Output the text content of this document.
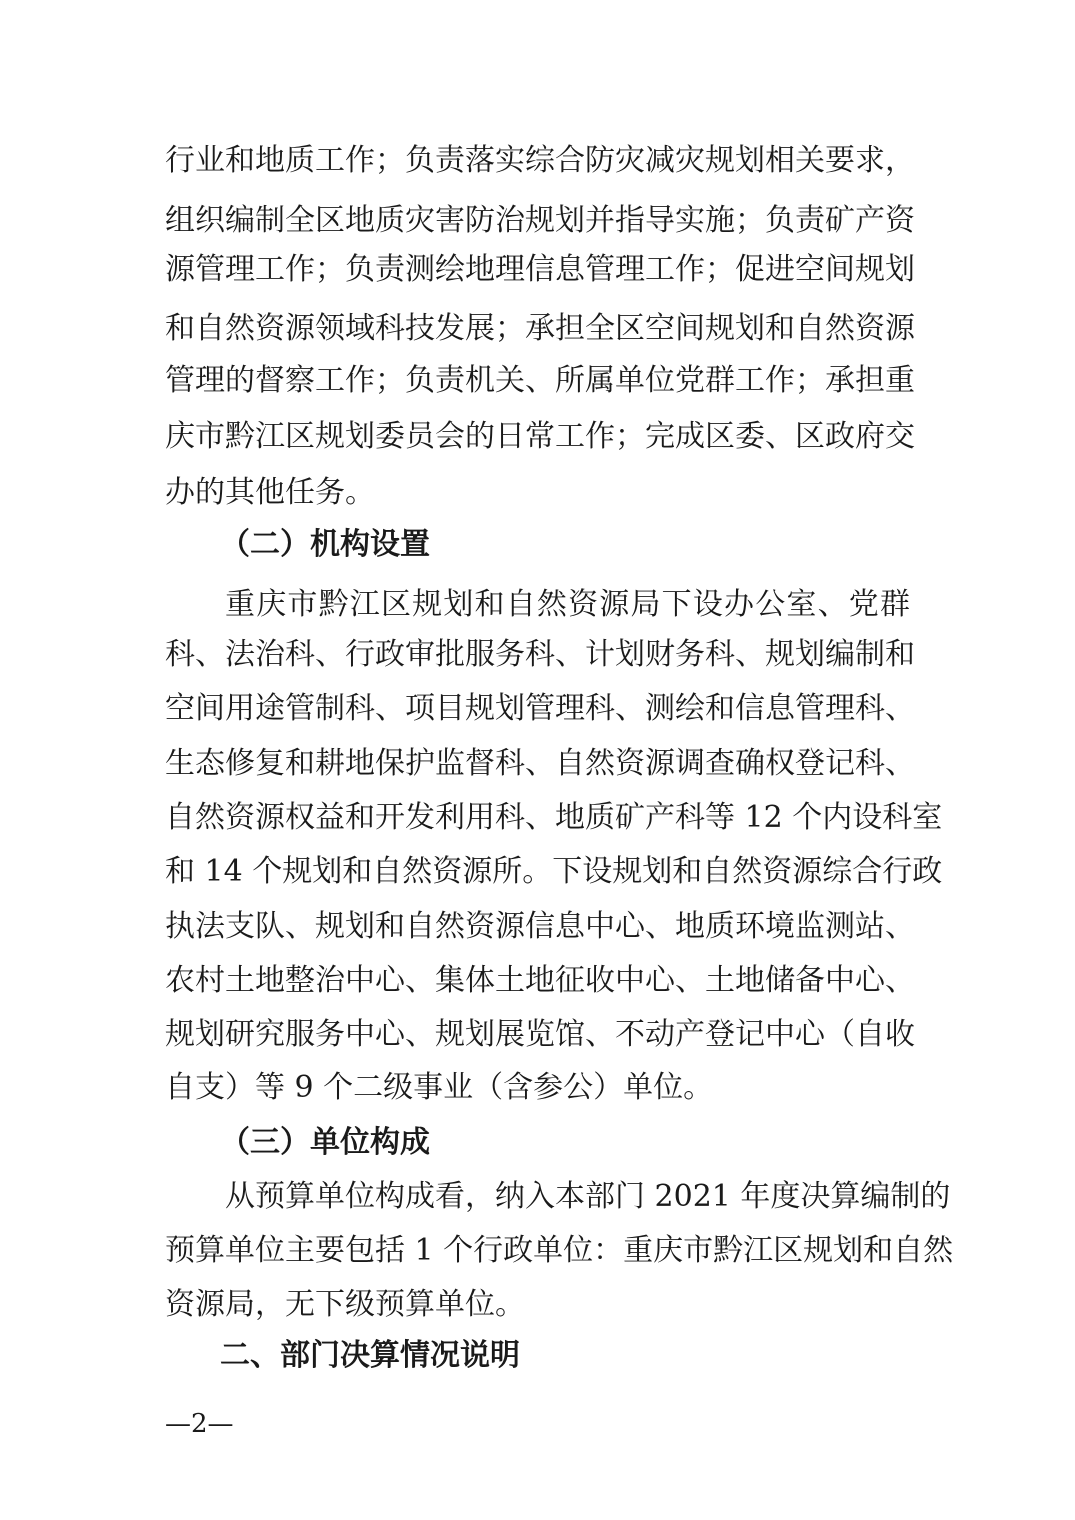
行业和地质工作；负责落实综合防灾减灾规划相关要求，
组织编制全区地质灾害防治规划并指导实施；负责矿产资
源管理工作；负责测绘地理信息管理工作；促进空间规划
和自然资源领域科技发展；承担全区空间规划和自然资源
管理的督察工作；负责机关、所属单位党群工作；承担重
庆市黔江区规划委员会的日常工作；完成区委、区政府交
办的其他任务。
（二）机构设置
重庆市黔江区规划和自然资源局下设办公室、党群
科、法治科、行政审批服务科、计划财务科、规划编制和
空间用途管制科、项目规划管理科、测绘和信息管理科、
生态修复和耕地保护监督科、自然资源调查确权登记科、
自然资源权益和开发利用科、地质矿产科等 12 个内设科室
和 14 个规划和自然资源所。下设规划和自然资源综合行政
执法支队、规划和自然资源信息中心、地质环境监测站、
农村土地整治中心、集体土地征收中心、土地储备中心、
规划研究服务中心、规划展览馆、不动产登记中心（自收
自支）等 9 个二级事业（含参公）单位。
（三）单位构成
从预算单位构成看，纳入本部门 2021 年度决算编制的
预算单位主要包括 1 个行政单位：重庆市黔江区规划和自然
资源局，无下级预算单位。
二、部门决算情况说明
—2—
